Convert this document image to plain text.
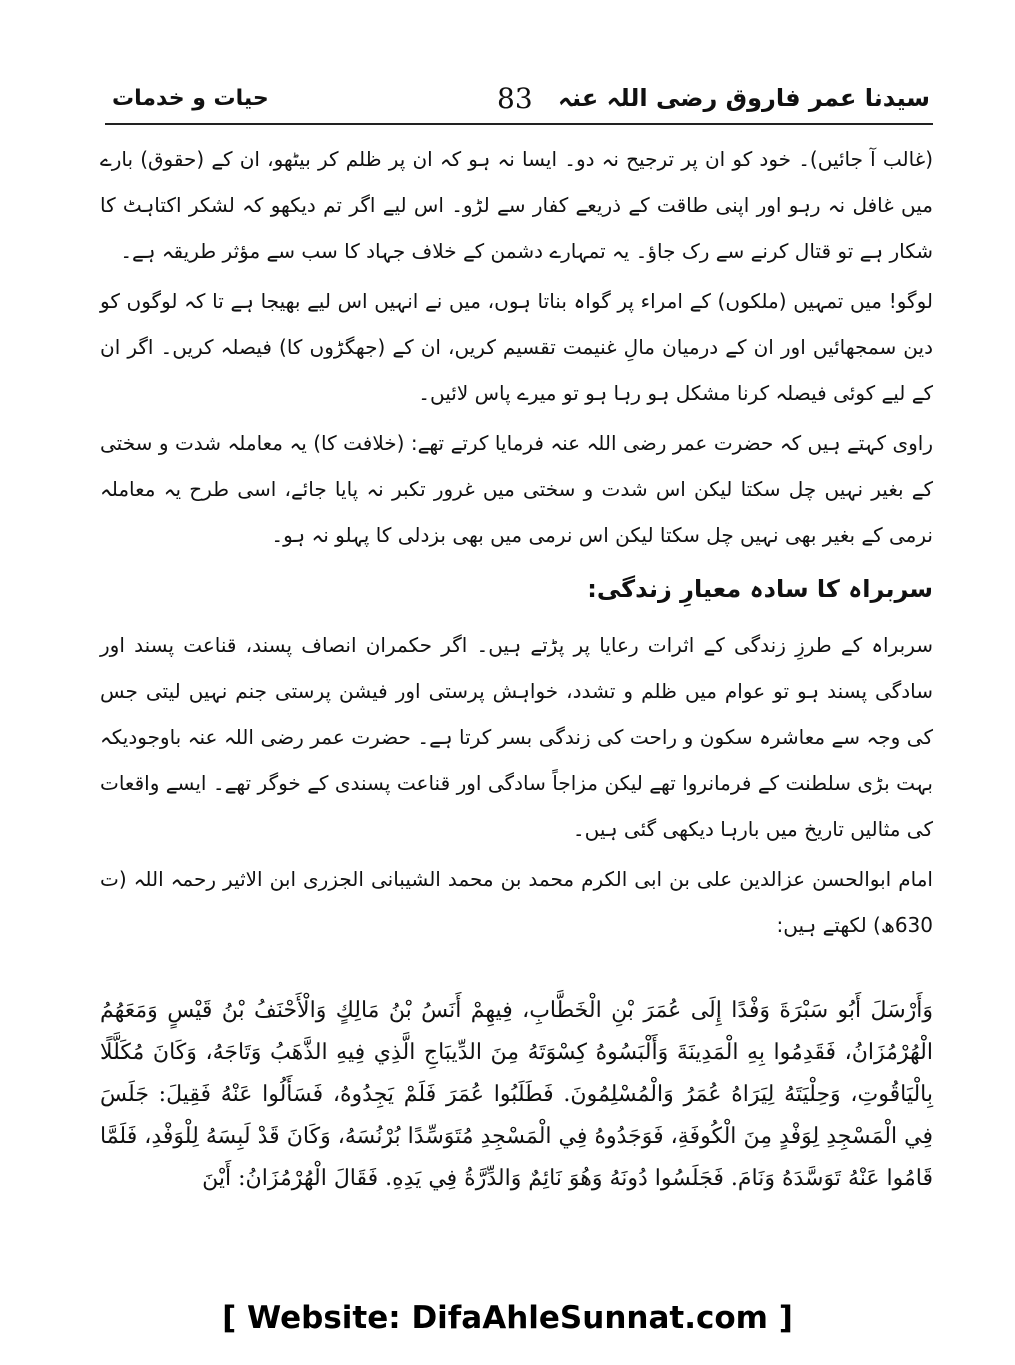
سیدنا عمر فاروق رضی اللہ عنہ
83
حیات و خدمات

(غالب آ جائیں)۔ خود کو ان پر ترجیح نہ دو۔ ایسا نہ ہو کہ ان پر ظلم کر بیٹھو، ان کے (حقوق) بارے میں غافل نہ رہو اور اپنی طاقت کے ذریعے کفار سے لڑو۔ اس لیے اگر تم دیکھو کہ لشکر اکتاہٹ کا شکار ہے تو قتال کرنے سے رک جاؤ۔ یہ تمہارے دشمن کے خلاف جہاد کا سب سے مؤثر طریقہ ہے۔

لوگو! میں تمہیں (ملکوں) کے امراء پر گواہ بناتا ہوں، میں نے انہیں اس لیے بھیجا ہے تا کہ لوگوں کو دین سمجھائیں اور ان کے درمیان مالِ غنیمت تقسیم کریں، ان کے (جھگڑوں کا) فیصلہ کریں۔ اگر ان کے لیے کوئی فیصلہ کرنا مشکل ہو رہا ہو تو میرے پاس لائیں۔

راوی کہتے ہیں کہ حضرت عمر رضی اللہ عنہ فرمایا کرتے تھے: (خلافت کا) یہ معاملہ شدت و سختی کے بغیر نہیں چل سکتا لیکن اس شدت و سختی میں غرور تکبر نہ پایا جائے، اسی طرح یہ معاملہ نرمی کے بغیر بھی نہیں چل سکتا لیکن اس نرمی میں بھی بزدلی کا پہلو نہ ہو۔

سربراہ کا سادہ معیارِ زندگی:

سربراہ کے طرزِ زندگی کے اثرات رعایا پر پڑتے ہیں۔ اگر حکمران انصاف پسند، قناعت پسند اور سادگی پسند ہو تو عوام میں ظلم و تشدد، خواہش پرستی اور فیشن پرستی جنم نہیں لیتی جس کی وجہ سے معاشرہ سکون و راحت کی زندگی بسر کرتا ہے۔ حضرت عمر رضی اللہ عنہ باوجودیکہ بہت بڑی سلطنت کے فرمانروا تھے لیکن مزاجاً سادگی اور قناعت پسندی کے خوگر تھے۔ ایسے واقعات کی مثالیں تاریخ میں بارہا دیکھی گئی ہیں۔

امام ابوالحسن عزالدین علی بن ابی الکرم محمد بن محمد الشیبانی الجزری ابن الاثیر رحمہ اللہ (ت 630ھ) لکھتے ہیں:

وَأَرْسَلَ أَبُو سَبْرَةَ وَفْدًا إِلَى عُمَرَ بْنِ الْخَطَّابِ، فِيهِمْ أَنَسُ بْنُ مَالِكٍ وَالْأَحْنَفُ بْنُ قَيْسٍ وَمَعَهُمُ الْهُرْمُزَانُ، فَقَدِمُوا بِهِ الْمَدِينَةَ وَأَلْبَسُوهُ كِسْوَتَهُ مِنَ الدِّيبَاجِ الَّذِي فِيهِ الذَّهَبُ وَتَاجَهُ، وَكَانَ مُكَلَّلًا بِالْيَاقُوتِ، وَحِلْيَتَهُ لِيَرَاهُ عُمَرُ وَالْمُسْلِمُونَ. فَطَلَبُوا عُمَرَ فَلَمْ يَجِدُوهُ، فَسَأَلُوا عَنْهُ فَقِيلَ: جَلَسَ فِي الْمَسْجِدِ لِوَفْدٍ مِنَ الْكُوفَةِ، فَوَجَدُوهُ فِي الْمَسْجِدِ مُتَوَسِّدًا بُرْنُسَهُ، وَكَانَ قَدْ لَبِسَهُ لِلْوَفْدِ، فَلَمَّا قَامُوا عَنْهُ تَوَسَّدَهُ وَنَامَ. فَجَلَسُوا دُونَهُ وَهُوَ نَائِمٌ وَالدِّرَّةُ فِي يَدِهِ. فَقَالَ الْهُرْمُزَانُ: أَيْنَ
[ Website: DifaAhleSunnat.com ]
